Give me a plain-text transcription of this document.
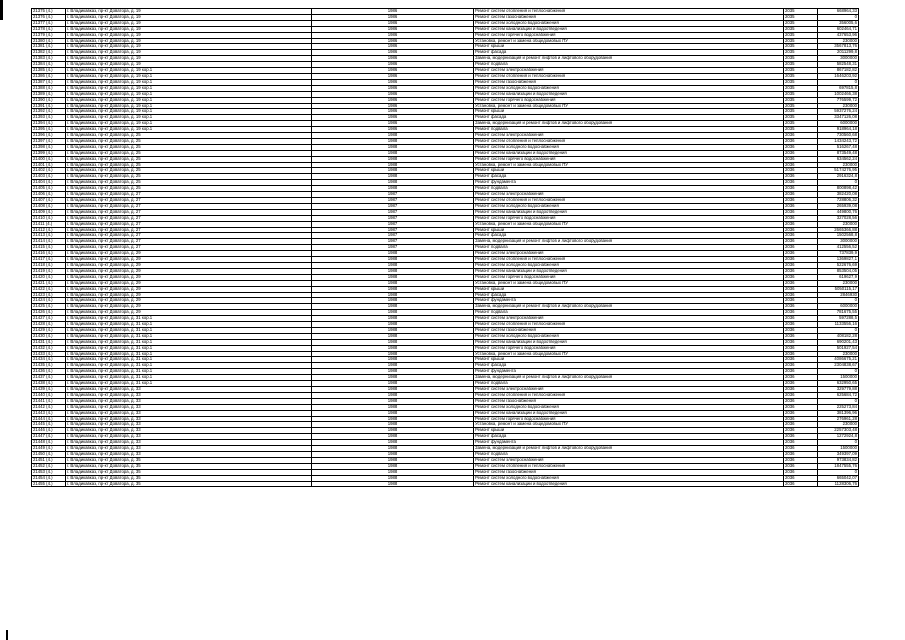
21375 (4.)	г. Владикавказ, пр-кт Доватора, д. 19	1986	Ремонт систем отопления и теплоснабжения	2035	668964,33
21376 (4.)	г. Владикавказ, пр-кт Доватора, д. 19	1986	Ремонт систем газоснабжения	2035	0
21377 (4.)	г. Владикавказ, пр-кт Доватора, д. 19	1986	Ремонт систем холодного водоснабжения	2035	356005,6
21378 (4.)	г. Владикавказ, пр-кт Доватора, д. 19	1986	Ремонт систем канализации и водоотведения	2035	602464,71
21379 (4.)	г. Владикавказ, пр-кт Доватора, д. 19	1986	Ремонт систем горячего водоснабжения	2035	437653,96
21380 (4.)	г. Владикавказ, пр-кт Доватора, д. 19	1986	Установка, ремонт и замена общедомовых ПУ	2035	230000
21381 (4.)	г. Владикавказ, пр-кт Доватора, д. 19	1986	Ремонт крыши	2035	3567813,76
21382 (4.)	г. Владикавказ, пр-кт Доватора, д. 19	1986	Ремонт фасада	2035	2011299,8
21383 (4.)	г. Владикавказ, пр-кт Доватора, д. 19	1986	Замена, модернизация и ремонт лифтов и лифтового оборудования	2035	3000000
21384 (4.)	г. Владикавказ, пр-кт Доватора, д. 19	1986	Ремонт подвала	2035	582548,31
21385 (4.)	г. Владикавказ, пр-кт Доватора, д. 19 кор.1	1986	Ремонт систем электроснабжения	2035	867182,82
21386 (4.)	г. Владикавказ, пр-кт Доватора, д. 19 кор.1	1986	Ремонт систем отопления и теплоснабжения	2035	1646203,92
21387 (4.)	г. Владикавказ, пр-кт Доватора, д. 19 кор.1	1986	Ремонт систем газоснабжения	2035	0
21388 (4.)	г. Владикавказ, пр-кт Доватора, д. 19 кор.1	1986	Ремонт систем холодного водоснабжения	2035	697815,8
21389 (4.)	г. Владикавказ, пр-кт Доватора, д. 19 кор.1	1986	Ремонт систем канализации и водоотведения	2035	1002466,38
21390 (4.)	г. Владикавказ, пр-кт Доватора, д. 19 кор.1	1986	Ремонт систем горячего водоснабжения	2035	776599,72
21391 (4.)	г. Владикавказ, пр-кт Доватора, д. 19 кор.1	1986	Установка, ремонт и замена общедомовых ПУ	2035	230000
21392 (4.)	г. Владикавказ, пр-кт Доватора, д. 19 кор.1	1986	Ремонт крыши	2035	5937276,24
21393 (4.)	г. Владикавказ, пр-кт Доватора, д. 19 кор.1	1986	Ремонт фасада	2035	3347126,08
21394 (4.)	г. Владикавказ, пр-кт Доватора, д. 19 кор.1	1986	Замена, модернизация и ремонт лифтов и лифтового оборудования	2035	6000000
21395 (4.)	г. Владикавказ, пр-кт Доватора, д. 19 кор.1	1986	Ремонт подвала	2035	918964,18
21396 (4.)	г. Владикавказ, пр-кт Доватора, д. 25	1988	Ремонт систем электроснабжения	2036	730560,68
21397 (4.)	г. Владикавказ, пр-кт Доватора, д. 25	1988	Ремонт систем отопления и теплоснабжения	2036	1434243,72
21398 (4.)	г. Владикавказ, пр-кт Доватора, д. 25	1988	Ремонт систем холодного водоснабжения	2036	516267,48
21399 (4.)	г. Владикавказ, пр-кт Доватора, д. 25	1988	Ремонт систем канализации и водоотведения	2036	873549,48
21400 (4.)	г. Владикавказ, пр-кт Доватора, д. 25	1988	Ремонт систем горячего водоснабжения	2036	634562,24
21401 (4.)	г. Владикавказ, пр-кт Доватора, д. 25	1988	Установка, ремонт и замена общедомовых ПУ	2036	230000
21402 (4.)	г. Владикавказ, пр-кт Доватора, д. 25	1988	Ремонт крыши	2036	5174276,95
21403 (4.)	г. Владикавказ, пр-кт Доватора, д. 25	1988	Ремонт фасада	2036	2916324,8
21404 (4.)	г. Владикавказ, пр-кт Доватора, д. 25	1988	Ремонт фундамента	2036	0
21405 (4.)	г. Владикавказ, пр-кт Доватора, д. 25	1988	Ремонт подвала	2036	800898,42
21406 (4.)	г. Владикавказ, пр-кт Доватора, д. 27	1987	Ремонт систем электроснабжения	2036	382420,08
21407 (4.)	г. Владикавказ, пр-кт Доватора, д. 27	1987	Ремонт систем отопления и теплоснабжения	2036	728806,32
21408 (4.)	г. Владикавказ, пр-кт Доватора, д. 27	1987	Ремонт систем холодного водоснабжения	2036	265939,08
21409 (4.)	г. Владикавказ, пр-кт Доватора, д. 27	1987	Ремонт систем канализации и водоотведения	2036	449800,76
21410 (4.)	г. Владикавказ, пр-кт Доватора, д. 27	1987	Ремонт систем горячего водоснабжения	2036	327028,56
21411 (4.)	г. Владикавказ, пр-кт Доватора, д. 27	1987	Установка, ремонт и замена общедомовых ПУ	2036	230000
21412 (4.)	г. Владикавказ, пр-кт Доватора, д. 27	1987	Ремонт крыши	2036	2665366,88
21413 (4.)	г. Владикавказ, пр-кт Доватора, д. 27	1987	Ремонт фасада	2036	1502568,8
21414 (4.)	г. Владикавказ, пр-кт Доватора, д. 27	1987	Замена, модернизация и ремонт лифтов и лифтового оборудования	2036	3000000
21415 (4.)	г. Владикавказ, пр-кт Доватора, д. 27	1987	Ремонт подвала	2036	412556,52
21416 (4.)	г. Владикавказ, пр-кт Доватора, д. 29	1988	Ремонт систем электроснабжения	2036	737839,9
21417 (4.)	г. Владикавказ, пр-кт Доватора, д. 29	1988	Ремонт систем отопления и теплоснабжения	2036	1369827,1
21418 (4.)	г. Владикавказ, пр-кт Доватора, д. 29	1988	Ремонт систем холодного водоснабжения	2036	522676,69
21419 (4.)	г. Владикавказ, пр-кт Доватора, д. 29	1988	Ремонт систем канализации и водоотведения	2036	853504,05
21420 (4.)	г. Владикавказ, пр-кт Доватора, д. 29	1988	Ремонт систем горячего водоснабжения	2036	619627,9
21421 (4.)	г. Владикавказ, пр-кт Доватора, д. 29	1988	Установка, ремонт и замена общедомовых ПУ	2036	230000
21422 (4.)	г. Владикавказ, пр-кт Доватора, д. 29	1988	Ремонт крыши	2036	5050115,17
21423 (4.)	г. Владикавказ, пр-кт Доватора, д. 29	1988	Ремонт фасада	2036	2846930
21424 (4.)	г. Владикавказ, пр-кт Доватора, д. 29	1988	Ремонт фундамента	2036	0
21425 (4.)	г. Владикавказ, пр-кт Доватора, д. 29	1988	Замена, модернизация и ремонт лифтов и лифтового оборудования	2036	6000000
21426 (4.)	г. Владикавказ, пр-кт Доватора, д. 29	1988	Ремонт подвала	2036	781675,55
21427 (4.)	г. Владикавказ, пр-кт Доватора, д. 31 кор.1	1988	Ремонт систем электроснабжения	2036	597288,5
21428 (4.)	г. Владикавказ, пр-кт Доватора, д. 31 кор.1	1988	Ремонт систем отопления и теплоснабжения	2036	1133556,16
21429 (4.)	г. Владикавказ, пр-кт Доватора, д. 31 кор.1	1988	Ремонт систем газоснабжения	2036	0
21430 (4.)	г. Владикавказ, пр-кт Доватора, д. 31 кор.1	1988	Ремонт систем холодного водоснабжения	2036	408182,28
21431 (4.)	г. Владикавказ, пр-кт Доватора, д. 31 кор.1	1988	Ремонт систем канализации и водоотведения	2036	690201,43
21432 (4.)	г. Владикавказ, пр-кт Доватора, д. 31 кор.1	1988	Ремонт систем горячего водоснабжения	2036	501927,54
21433 (4.)	г. Владикавказ, пр-кт Доватора, д. 31 кор.1	1988	Установка, ремонт и замена общедомовых ПУ	2036	230000
21434 (4.)	г. Владикавказ, пр-кт Доватора, д. 31 кор.1	1988	Ремонт крыши	2036	4086675,21
21435 (4.)	г. Владикавказ, пр-кт Доватора, д. 31 кор.1	1988	Ремонт фасада	2036	2304838,67
21436 (4.)	г. Владикавказ, пр-кт Доватора, д. 31 кор.1	1988	Ремонт фундамента	2036	0
21437 (4.)	г. Владикавказ, пр-кт Доватора, д. 31 кор.1	1988	Замена, модернизация и ремонт лифтов и лифтового оборудования	2036	1500000
21438 (4.)	г. Владикавказ, пр-кт Доватора, д. 31 кор.1	1988	Ремонт подвала	2036	632950,65
21439 (4.)	г. Владикавказ, пр-кт Доватора, д. 33	1988	Ремонт систем электроснабжения	2036	329779,88
21440 (4.)	г. Владикавказ, пр-кт Доватора, д. 33	1988	Ремонт систем отопления и теплоснабжения	2036	625684,72
21441 (4.)	г. Владикавказ, пр-кт Доватора, д. 33	1988	Ремонт систем газоснабжения	2036	0
21442 (4.)	г. Владикавказ, пр-кт Доватора, д. 33	1988	Ремонт систем холодного водоснабжения	2036	225273,84
21443 (4.)	г. Владикавказ, пр-кт Доватора, д. 33	1988	Ремонт систем канализации и водоотведения	2036	381396,96
21444 (4.)	г. Владикавказ, пр-кт Доватора, д. 33	1988	Ремонт систем горячего водоснабжения	2036	276961,28
21445 (4.)	г. Владикавказ, пр-кт Доватора, д. 33	1988	Установка, ремонт и замена общедомовых ПУ	2036	230000
21446 (4.)	г. Владикавказ, пр-кт Доватора, д. 33	1988	Ремонт крыши	2036	2257303,48
21447 (4.)	г. Владикавказ, пр-кт Доватора, д. 33	1988	Ремонт фасада	2036	1272924,8
21448 (4.)	г. Владикавказ, пр-кт Доватора, д. 33	1988	Ремонт фундамента	2036	0
21449 (4.)	г. Владикавказ, пр-кт Доватора, д. 33	1988	Замена, модернизация и ремонт лифтов и лифтового оборудования	2036	1500000
21450 (4.)	г. Владикавказ, пр-кт Доватора, д. 33	1988	Ремонт подвала	2036	349397,09
21451 (4.)	г. Владикавказ, пр-кт Доватора, д. 35	1988	Ремонт систем электроснабжения	2036	973834,82
21452 (4.)	г. Владикавказ, пр-кт Доватора, д. 35	1988	Ремонт систем отопления и теплоснабжения	2036	1847555,76
21453 (4.)	г. Владикавказ, пр-кт Доватора, д. 35	1988	Ремонт систем газоснабжения	2036	0
21454 (4.)	г. Владикавказ, пр-кт Доватора, д. 35	1988	Ремонт систем холодного водоснабжения	2036	665042,07
21455 (4.)	г. Владикавказ, пр-кт Доватора, д. 35	1988	Ремонт систем канализации и водоотведения	2036	1128306,76
